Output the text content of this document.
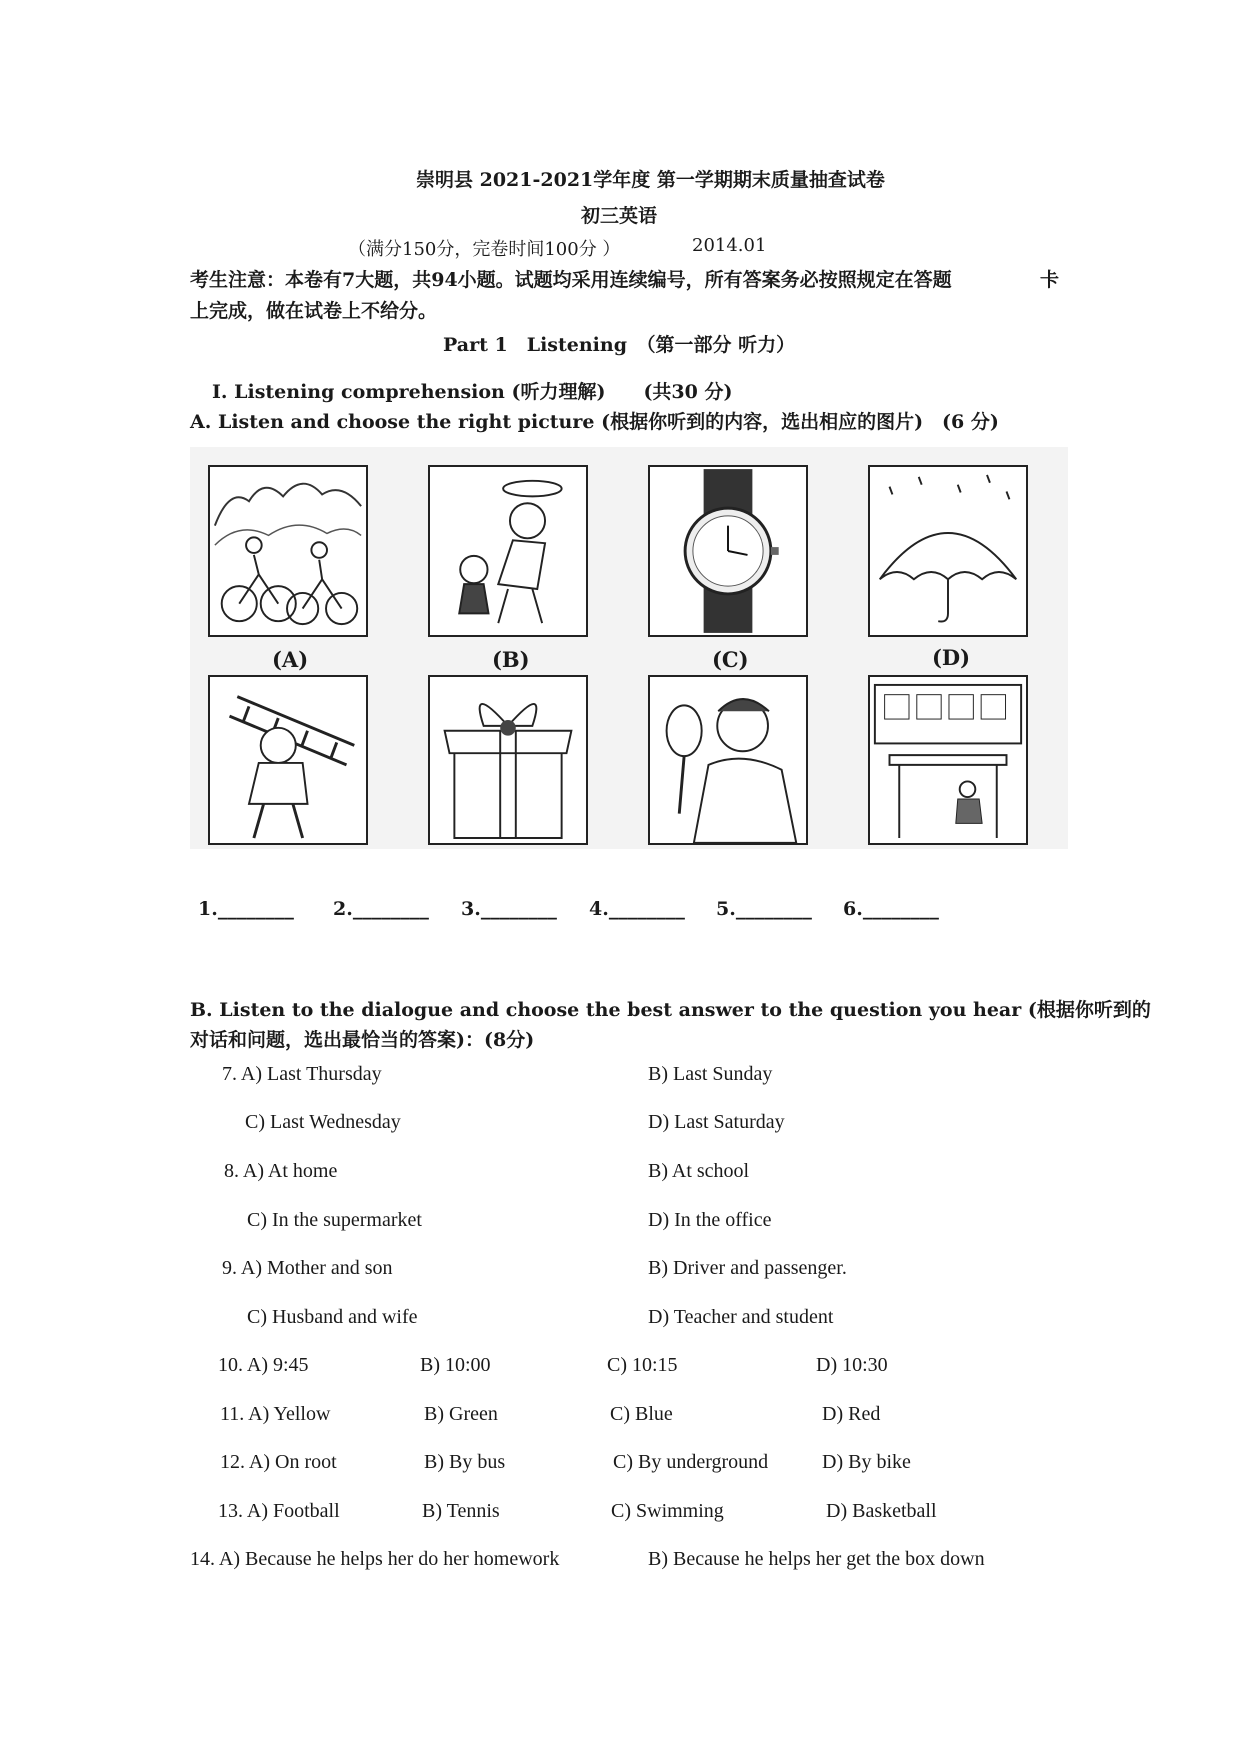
崇明县 2021-2021学年度 第一学期期末质量抽查试卷
初三英语
（满分150分，完卷时间100分 ）	2014.01
考生注意：本卷有7大题，共94小题。试题均采用连续编号，所有答案务必按照规定在答题	卡
上完成，做在试卷上不给分。
Part 1　Listening　（第一部分 听力）
I. Listening comprehension (听力理解)　　(共30 分)
A. Listen and choose the right picture (根据你听到的内容，选出相应的图片)　(6 分)
(A)	(B)	(C)	(D)
1.________ 2.________ 3.________ 4.________ 5.________ 6.________
B. Listen to the dialogue and choose the best answer to the question you hear (根据你听到的
对话和问题，选出最恰当的答案)：(8分)
7. A) Last Thursday	B) Last Sunday
C) Last Wednesday	D) Last Saturday
8. A) At home	B) At school
C) In the supermarket	D) In the office
9. A) Mother and son	B) Driver and passenger.
C) Husband and wife	D) Teacher and student
10. A) 9:45	B) 10:00	C) 10:15	D) 10:30
11. A) Yellow	B) Green	C) Blue	D) Red
12. A) On root	B) By bus	C) By underground	D) By bike
13. A) Football	B) Tennis	C) Swimming	D) Basketball
14. A) Because he helps her do her homework	B) Because he helps her get the box down
